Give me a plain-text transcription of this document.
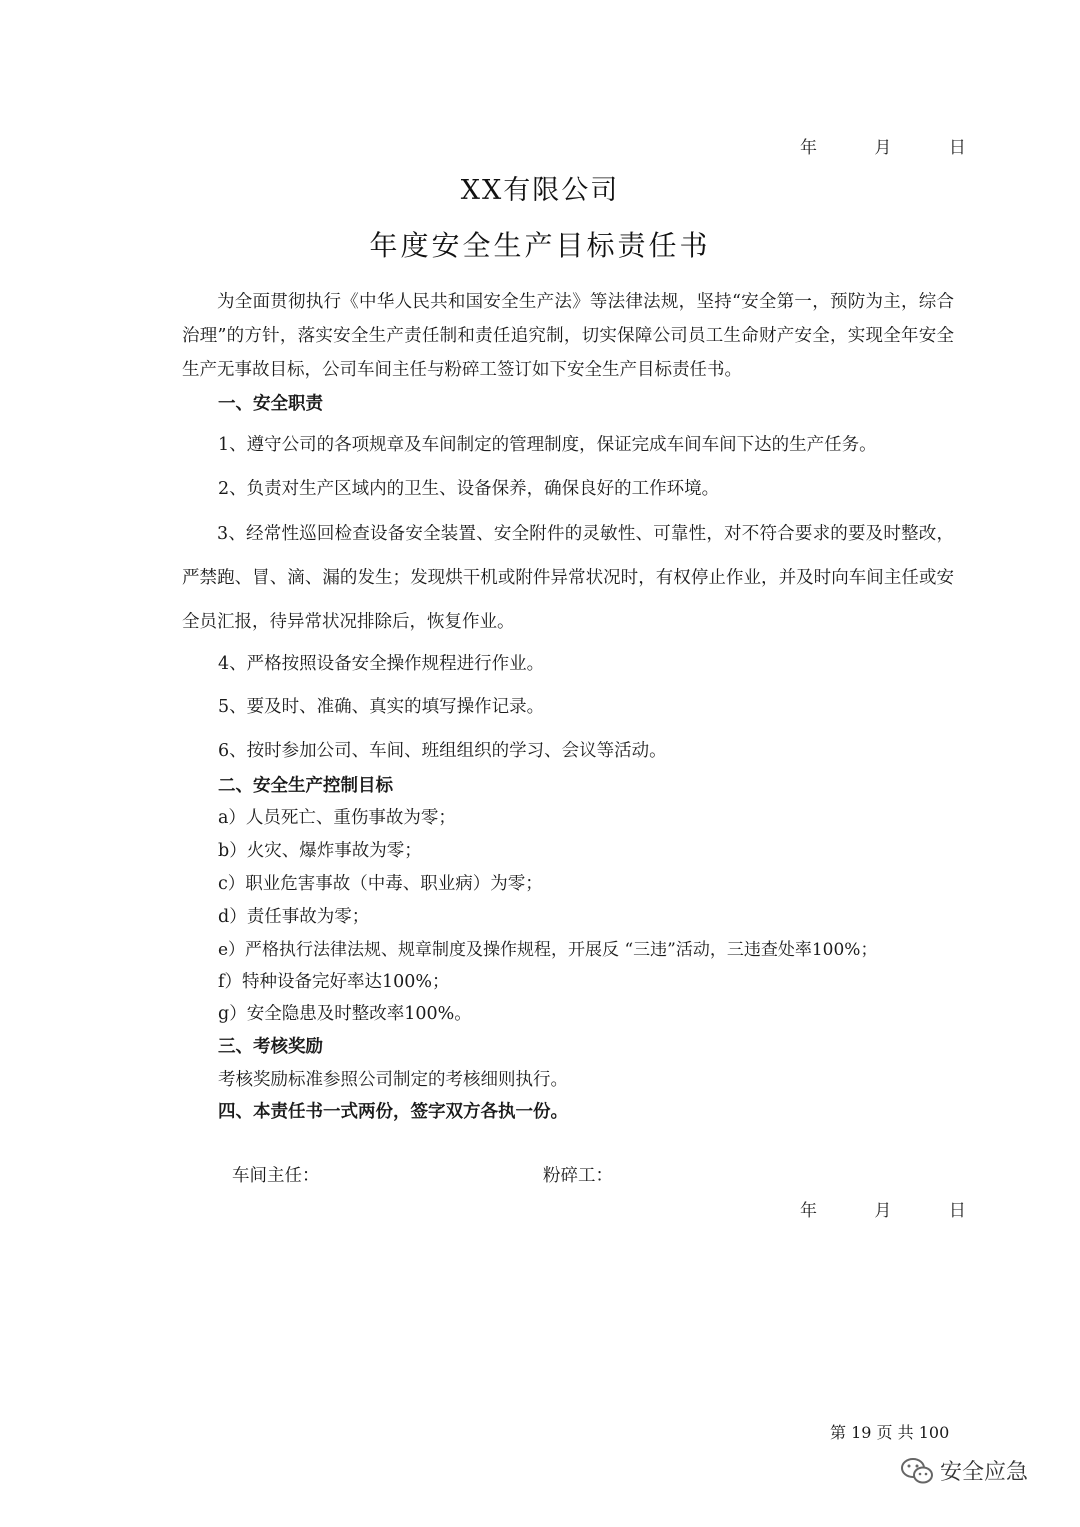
年	月	日
XX有限公司
年度安全生产目标责任书

为全面贯彻执行《中华人民共和国安全生产法》等法律法规，坚持“安全第一，预防为主，综合治理”的方针，落实安全生产责任制和责任追究制，切实保障公司员工生命财产安全，实现全年安全生产无事故目标，公司车间主任与粉碎工签订如下安全生产目标责任书。

一、安全职责
1、遵守公司的各项规章及车间制定的管理制度，保证完成车间车间下达的生产任务。
2、负责对生产区域内的卫生、设备保养，确保良好的工作环境。

3、经常性巡回检查设备安全装置、安全附件的灵敏性、可靠性，对不符合要求的要及时整改，严禁跑、冒、滴、漏的发生；发现烘干机或附件异常状况时，有权停止作业，并及时向车间主任或安全员汇报，待异常状况排除后，恢复作业。

4、严格按照设备安全操作规程进行作业。
5、要及时、准确、真实的填写操作记录。
6、按时参加公司、车间、班组组织的学习、会议等活动。
二、安全生产控制目标
a）人员死亡、重伤事故为零；
b）火灾、爆炸事故为零；
c）职业危害事故（中毒、职业病）为零；
d）责任事故为零；
e）严格执行法律法规、规章制度及操作规程，开展反 “三违”活动，三违查处率100%；
f）特种设备完好率达100%；
g）安全隐患及时整改率100%。
三、考核奖励
考核奖励标准参照公司制定的考核细则执行。
四、本责任书一式两份，签字双方各执一份。
车间主任：	粉碎工：
年	月	日
第 19 页 共 100
安全应急
